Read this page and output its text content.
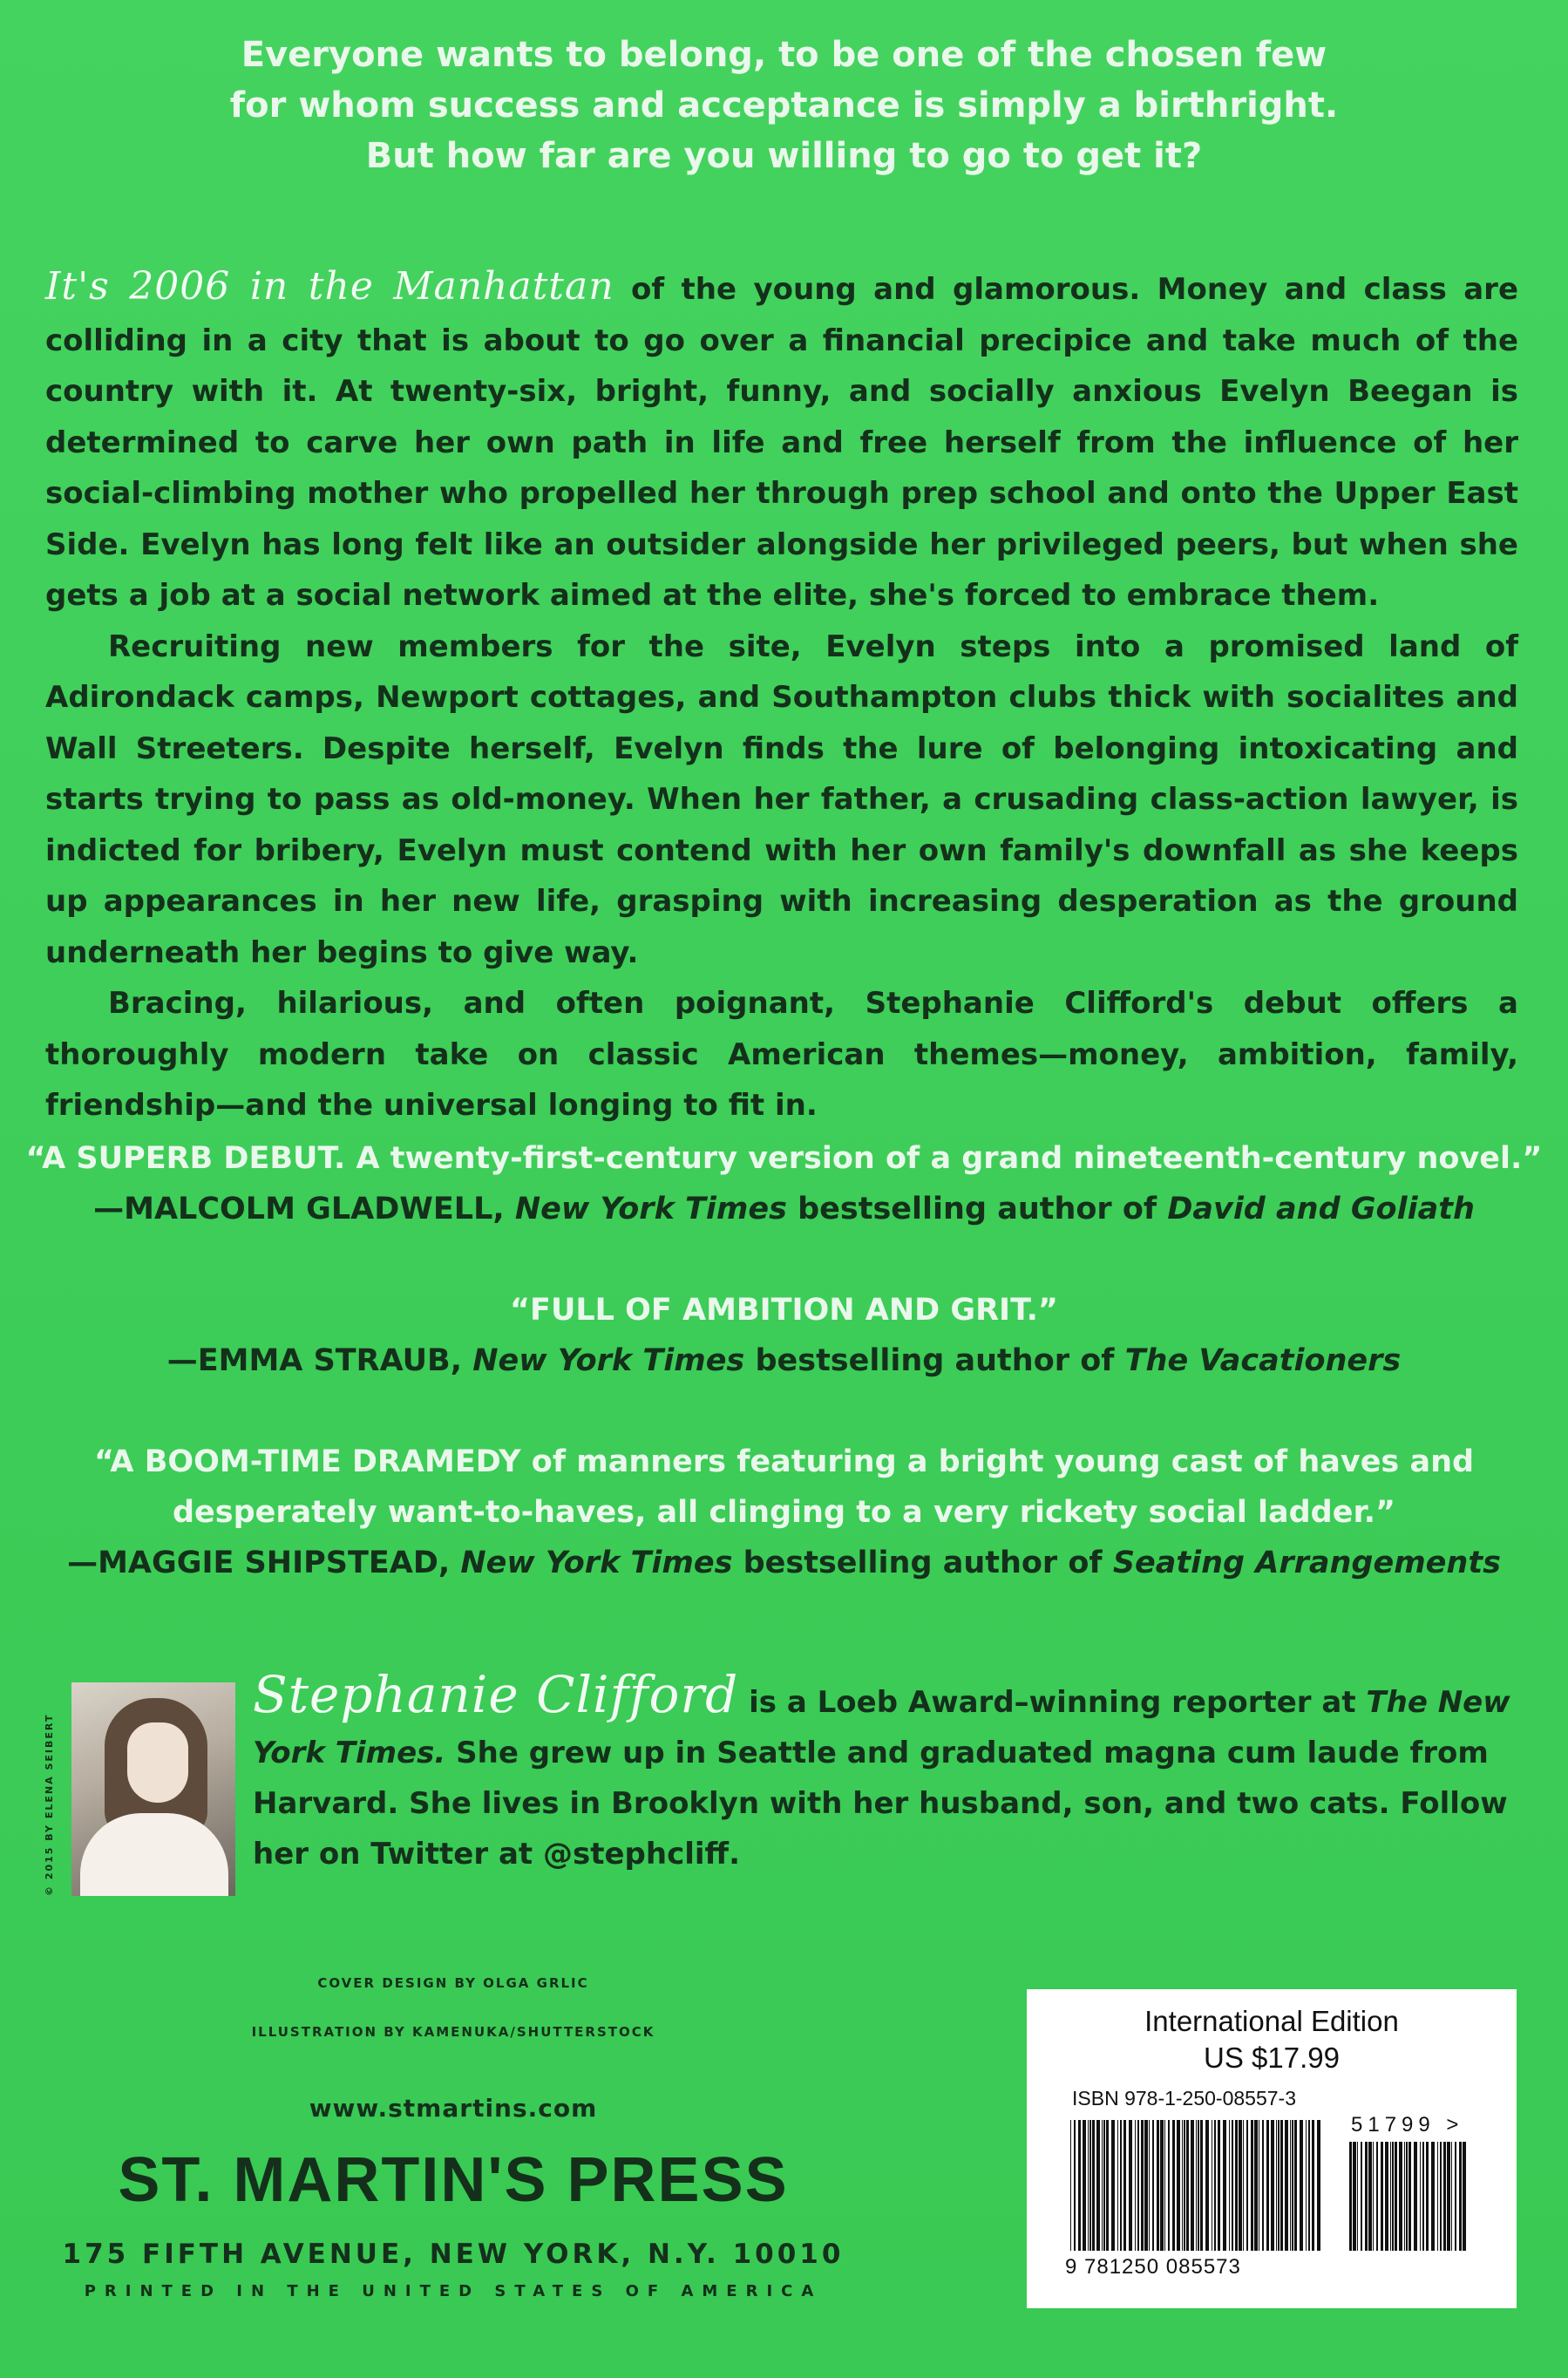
Everyone wants to belong, to be one of the chosen few
for whom success and acceptance is simply a birthright.
But how far are you willing to go to get it?

It's 2006 in the Manhattan of the young and glamorous. Money and class are colliding in a city that is about to go over a financial precipice and take much of the country with it. At twenty-six, bright, funny, and socially anxious Evelyn Beegan is determined to carve her own path in life and free herself from the influence of her social-climbing mother who propelled her through prep school and onto the Upper East Side. Evelyn has long felt like an outsider alongside her privileged peers, but when she gets a job at a social network aimed at the elite, she's forced to embrace them.

Recruiting new members for the site, Evelyn steps into a promised land of Adirondack camps, Newport cottages, and Southampton clubs thick with socialites and Wall Streeters. Despite herself, Evelyn finds the lure of belonging intoxicating and starts trying to pass as old-money. When her father, a crusading class-action lawyer, is indicted for bribery, Evelyn must contend with her own family's downfall as she keeps up appearances in her new life, grasping with increasing desperation as the ground underneath her begins to give way.

Bracing, hilarious, and often poignant, Stephanie Clifford's debut offers a thoroughly modern take on classic American themes—money, ambition, family, friendship—and the universal longing to fit in.

“A SUPERB DEBUT. A twenty-first-century version of a grand nineteenth-century novel.”
—MALCOLM GLADWELL, New York Times bestselling author of David and Goliath
“FULL OF AMBITION AND GRIT.”
—EMMA STRAUB, New York Times bestselling author of The Vacationers
“A BOOM-TIME DRAMEDY of manners featuring a bright young cast of haves and desperately want-to-haves, all clinging to a very rickety social ladder.”
—MAGGIE SHIPSTEAD, New York Times bestselling author of Seating Arrangements
© 2015 BY ELENA SEIBERT
Stephanie Clifford is a Loeb Award–winning reporter at The New York Times. She grew up in Seattle and graduated magna cum laude from Harvard. She lives in Brooklyn with her husband, son, and two cats. Follow her on Twitter at @stephcliff.
COVER DESIGN BY OLGA GRLIC
ILLUSTRATION BY KAMENUKA/SHUTTERSTOCK
www.stmartins.com
ST. MARTIN'S PRESS
175 FIFTH AVENUE, NEW YORK, N.Y. 10010
PRINTED IN THE UNITED STATES OF AMERICA
International Edition
US $17.99
ISBN 978-1-250-08557-3
51799 >
9 781250 085573
